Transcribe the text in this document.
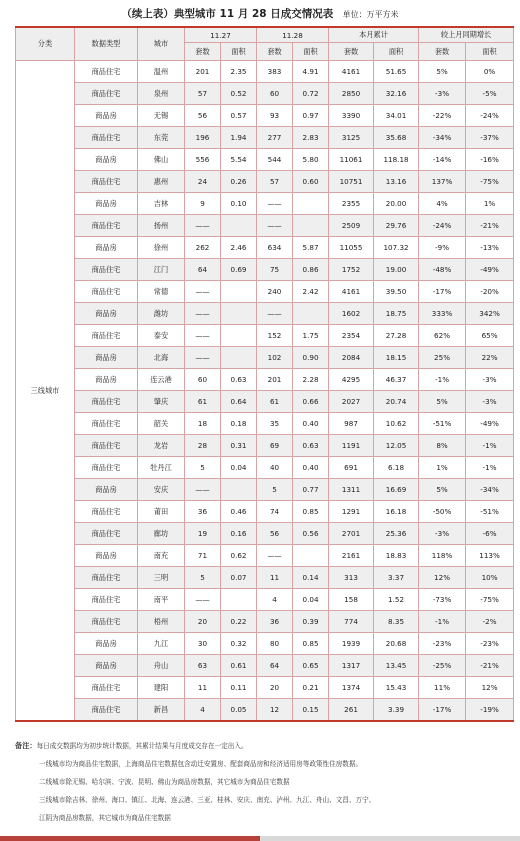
（续上表）典型城市 11 月 28 日成交情况表 单位：万平方米
分类	数据类型	城市	11.27		11.28		本月累计		较上月同期增长	
			套数	面积	套数	面积	套数	面积	套数	面积
三线城市	商品住宅	温州	201	2.35	383	4.91	4161	51.65	5%	0%
	商品住宅	泉州	57	0.52	60	0.72	2850	32.16	-3%	-5%
	商品房	无锡	56	0.57	93	0.97	3390	34.01	-22%	-24%
	商品住宅	东莞	196	1.94	277	2.83	3125	35.68	-34%	-37%
	商品房	佛山	556	5.54	544	5.80	11061	118.18	-14%	-16%
	商品住宅	惠州	24	0.26	57	0.60	10751	13.16	137%	-75%
	商品房	吉林	9	0.10	——		2355	20.00	4%	1%
	商品住宅	扬州	——		——		2509	29.76	-24%	-21%
	商品房	徐州	262	2.46	634	5.87	11055	107.32	-9%	-13%
	商品住宅	江门	64	0.69	75	0.86	1752	19.00	-48%	-49%
	商品住宅	常德	——		240	2.42	4161	39.50	-17%	-20%
	商品房	潍坊	——		——		1602	18.75	333%	342%
	商品住宅	泰安	——		152	1.75	2354	27.28	62%	65%
	商品房	北海	——		102	0.90	2084	18.15	25%	22%
	商品房	连云港	60	0.63	201	2.28	4295	46.37	-1%	-3%
	商品住宅	肇庆	61	0.64	61	0.66	2027	20.74	5%	-3%
	商品住宅	韶关	18	0.18	35	0.40	987	10.62	-51%	-49%
	商品住宅	龙岩	28	0.31	69	0.63	1191	12.05	8%	-1%
	商品住宅	牡丹江	5	0.04	40	0.40	691	6.18	1%	-1%
	商品房	安庆	——		5	0.77	1311	16.69	5%	-34%
	商品住宅	莆田	36	0.46	74	0.85	1291	16.18	-50%	-51%
	商品住宅	廊坊	19	0.16	56	0.56	2701	25.36	-3%	-6%
	商品房	南充	71	0.62	——		2161	18.83	118%	113%
	商品住宅	三明	5	0.07	11	0.14	313	3.37	12%	10%
	商品住宅	南平	——		4	0.04	158	1.52	-73%	-75%
	商品住宅	梧州	20	0.22	36	0.39	774	8.35	-1%	-2%
	商品房	九江	30	0.32	80	0.85	1939	20.68	-23%	-23%
	商品房	舟山	63	0.61	64	0.65	1317	13.45	-25%	-21%
	商品住宅	建阳	11	0.11	20	0.21	1374	15.43	11%	12%
	商品住宅	新昌	4	0.05	12	0.15	261	3.39	-17%	-19%
备注：每日成交数据均为初步统计数据，其累计结果与月度成交存在一定出入。
一线城市均为商品住宅数据，上海商品住宅数据包含动迁安置房、配套商品房和经济适用房等政策性住房数据。
二线城市除无锡、哈尔滨、宁波、昆明、佛山为商品房数据，其它城市为商品住宅数据
三线城市除吉林、徐州、海口、镇江、北海、连云港、三亚、桂林、安庆、南充、泸州、九江、舟山、文昌、万宁、
江阴为商品房数据，其它城市为商品住宅数据
